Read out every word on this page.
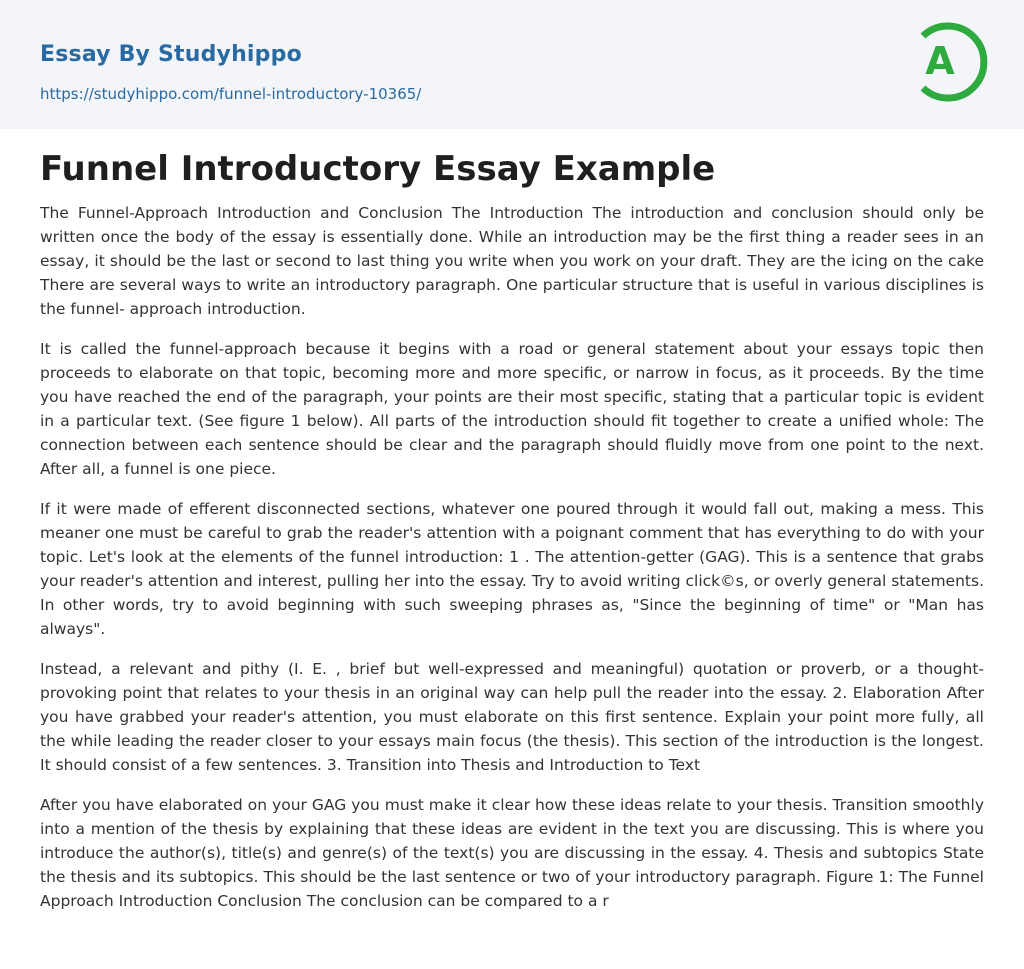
Essay By Studyhippo
https://studyhippo.com/funnel-introductory-10365/
A
Funnel Introductory Essay Example

The Funnel-Approach Introduction and Conclusion The Introduction The introduction and conclusion should only be written once the body of the essay is essentially done. While an introduction may be the first thing a reader sees in an essay, it should be the last or second to last thing you write when you work on your draft. They are the icing on the cake There are several ways to write an introductory paragraph. One particular structure that is useful in various disciplines is the funnel- approach introduction.

It is called the funnel-approach because it begins with a road or general statement about your essays topic then proceeds to elaborate on that topic, becoming more and more specific, or narrow in focus, as it proceeds. By the time you have reached the end of the paragraph, your points are their most specific, stating that a particular topic is evident in a particular text. (See figure 1 below). All parts of the introduction should fit together to create a unified whole: The connection between each sentence should be clear and the paragraph should fluidly move from one point to the next. After all, a funnel is one piece.

If it were made of efferent disconnected sections, whatever one poured through it would fall out, making a mess. This meaner one must be careful to grab the reader's attention with a poignant comment that has everything to do with your topic. Let's look at the elements of the funnel introduction: 1 . The attention-getter (GAG). This is a sentence that grabs your reader's attention and interest, pulling her into the essay. Try to avoid writing click©s, or overly general statements. In other words, try to avoid beginning with such sweeping phrases as, "Since the beginning of time" or "Man has always".

Instead, a relevant and pithy (I. E. , brief but well-expressed and meaningful) quotation or proverb, or a thought-provoking point that relates to your thesis in an original way can help pull the reader into the essay. 2. Elaboration After you have grabbed your reader's attention, you must elaborate on this first sentence. Explain your point more fully, all the while leading the reader closer to your essays main focus (the thesis). This section of the introduction is the longest. It should consist of a few sentences. 3. Transition into Thesis and Introduction to Text

After you have elaborated on your GAG you must make it clear how these ideas relate to your thesis. Transition smoothly into a mention of the thesis by explaining that these ideas are evident in the text you are discussing. This is where you introduce the author(s), title(s) and genre(s) of the text(s) you are discussing in the essay. 4. Thesis and subtopics State the thesis and its subtopics. This should be the last sentence or two of your introductory paragraph. Figure 1: The Funnel Approach Introduction Conclusion The conclusion can be compared to a r
